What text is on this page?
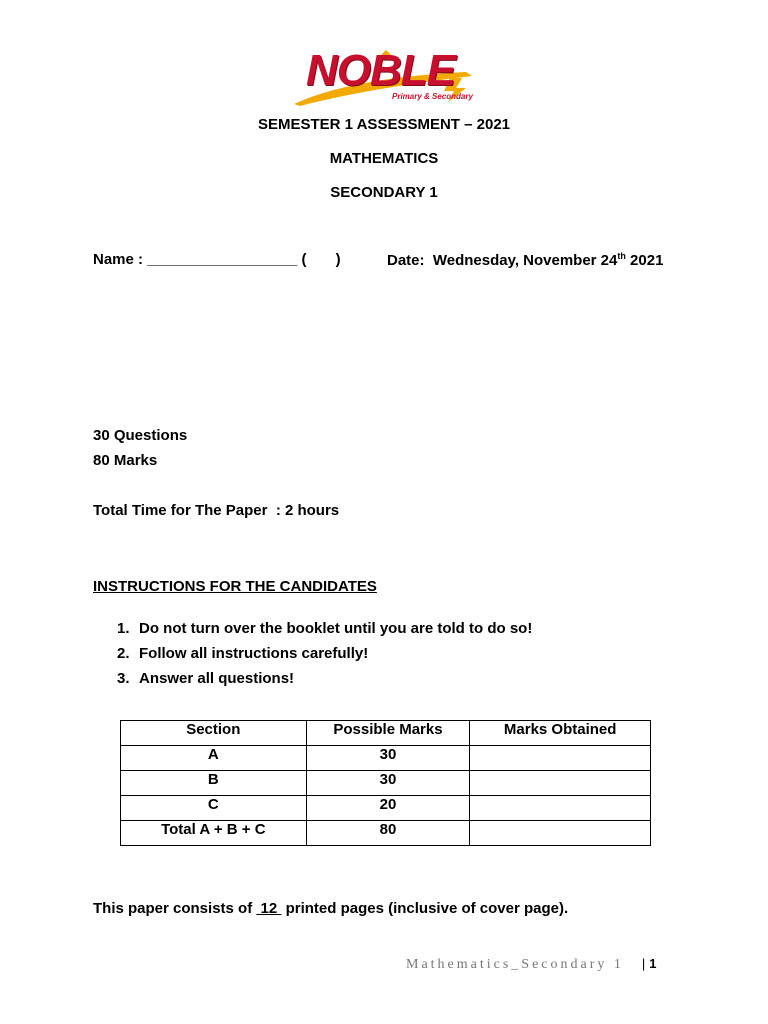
NOBLE
Primary & Secondary
SEMESTER 1 ASSESSMENT – 2021
MATHEMATICS
SECONDARY 1
Name : __________________ (       )	Date:  Wednesday, November 24th 2021
30 Questions
80 Marks
Total Time for The Paper  : 2 hours
INSTRUCTIONS FOR THE CANDIDATES
1. Do not turn over the booklet until you are told to do so!
2. Follow all instructions carefully!
3. Answer all questions!
Section	Possible Marks	Marks Obtained
A	30	
B	30	
C	20	
Total A + B + C	80	
This paper consists of  12  printed pages (inclusive of cover page).
Mathematics_Secondary 1 | 1
